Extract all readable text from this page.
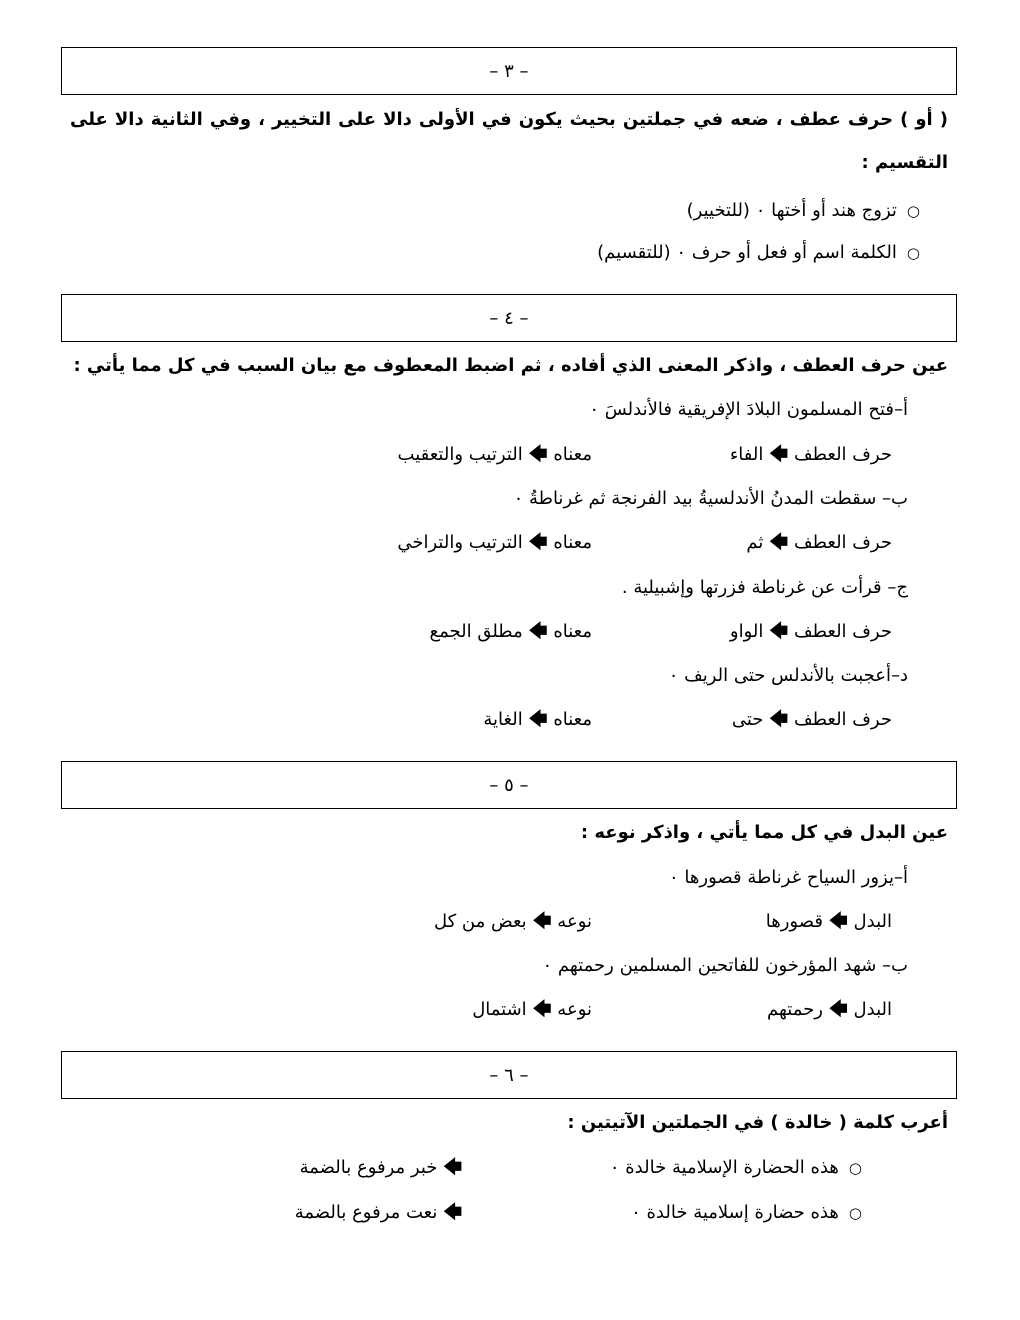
– ٣ –
( أو ) حرف عطف ، ضعه في جملتين بحيث يكون في الأولى دالا على التخيير ، وفي الثانية دالا على
التقسيم :
○ تزوج هند أو أختها ٠ (للتخيير)
○ الكلمة اسم أو فعل أو حرف ٠ (للتقسيم)
– ٤ –
عين حرف العطف ، واذكر المعنى الذي أفاده ، ثم اضبط المعطوف مع بيان السبب في كل مما يأتي :
أ–فتح المسلمون البلادَ الإفريقية فالأندلسَ ٠
حرف العطف🡄الفاء
معناه🡄الترتيب والتعقيب
ب– سقطت المدنُ الأندلسيةُ بيد الفرنجة ثم غرناطةُ ٠
حرف العطف🡄ثم
معناه🡄الترتيب والتراخي
ج– قرأت عن غرناطة فزرتها وإشبيلية .
حرف العطف🡄الواو
معناه🡄مطلق الجمع
د–أعجبت بالأندلس حتى الريف ٠
حرف العطف🡄حتى
معناه🡄الغاية
– ٥ –
عين البدل في كل مما يأتي ، واذكر نوعه :
أ–يزور السياح غرناطة قصورها ٠
البدل🡄قصورها
نوعه🡄بعض من كل
ب– شهد المؤرخون للفاتحين المسلمين رحمتهم ٠
البدل🡄رحمتهم
نوعه🡄اشتمال
– ٦ –
أعرب كلمة ( خالدة ) في الجملتين الآتيتين :
○ هذه الحضارة الإسلامية خالدة ٠
🡄خبر مرفوع بالضمة
○ هذه حضارة إسلامية خالدة ٠
🡄نعت مرفوع بالضمة
